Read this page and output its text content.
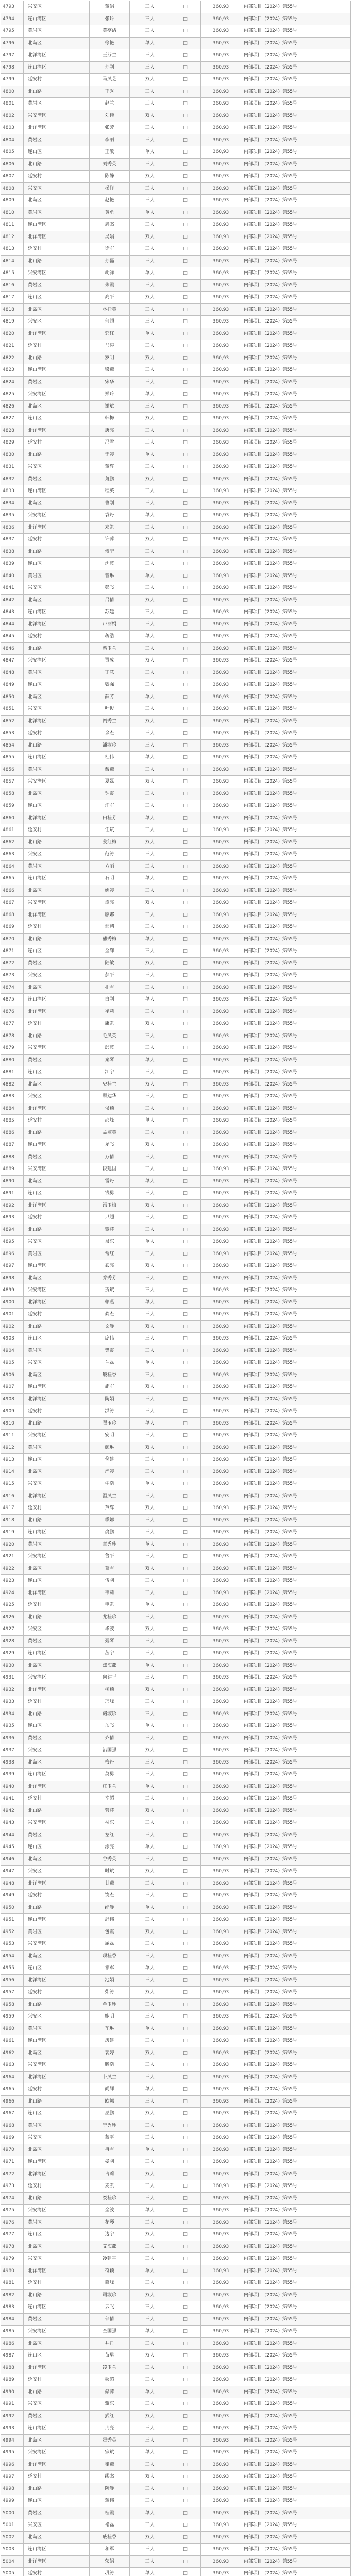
4793	兴安区	董娟	三人	□	360,93	内部项目（2024）第55号
4794	连山湾区	张玲	三人	□	360,93	内部项目（2024）第55号
4795	黄岩区	黄亭洁	三人	□	360,93	内部项目（2024）第55号
4796	北岛区	徐艳	单人	□	360,93	内部项目（2024）第55号
4797	北洋湾区	王芬兰	三人	□	360,93	内部项目（2024）第55号
4798	连山湾区	孙刚	三人	□	360,93	内部项目（2024）第55号
4799	延安村	马凤芝	双人	□	360,93	内部项目（2024）第55号
4800	北山路	王秀	三人	□	360,93	内部项目（2024）第55号
4801	黄岩区	赵兰	三人	□	360,93	内部项目（2024）第55号
4802	兴安湾区	刘佳	双人	□	360,93	内部项目（2024）第55号
4803	北洋湾区	张芳	三人	□	360,93	内部项目（2024）第55号
4804	黄岩区	李丽	三人	□	360,93	内部项目（2024）第55号
4805	连山区	王敏	单人	□	360,93	内部项目（2024）第55号
4806	北山路	刘秀英	三人	□	360,93	内部项目（2024）第55号
4807	延安村	陈静	双人	□	360,93	内部项目（2024）第55号
4808	兴安区	杨洋	三人	□	360,93	内部项目（2024）第55号
4809	北岛区	赵艳	三人	□	360,93	内部项目（2024）第55号
4810	黄岩区	黄勇	单人	□	360,93	内部项目（2024）第55号
4811	连山湾区	周杰	三人	□	360,93	内部项目（2024）第55号
4812	北洋湾区	吴娟	双人	□	360,93	内部项目（2024）第55号
4813	延安村	徐军	三人	□	360,93	内部项目（2024）第55号
4814	北山路	孙磊	三人	□	360,93	内部项目（2024）第55号
4815	兴安湾区	胡洋	单人	□	360,93	内部项目（2024）第55号
4816	黄岩区	朱霞	三人	□	360,93	内部项目（2024）第55号
4817	连山区	高平	双人	□	360,93	内部项目（2024）第55号
4818	北岛区	林桂英	三人	□	360,93	内部项目（2024）第55号
4819	兴安区	何超	三人	□	360,93	内部项目（2024）第55号
4820	北洋湾区	郭红	单人	□	360,93	内部项目（2024）第55号
4821	延安村	马涛	三人	□	360,93	内部项目（2024）第55号
4822	北山路	罗明	双人	□	360,93	内部项目（2024）第55号
4823	连山湾区	梁燕	三人	□	360,93	内部项目（2024）第55号
4824	黄岩区	宋华	三人	□	360,93	内部项目（2024）第55号
4825	兴安湾区	郑玲	单人	□	360,93	内部项目（2024）第55号
4826	北岛区	谢斌	三人	□	360,93	内部项目（2024）第55号
4827	连山区	韩梅	双人	□	360,93	内部项目（2024）第55号
4828	北洋湾区	唐亮	三人	□	360,93	内部项目（2024）第55号
4829	延安村	冯雪	三人	□	360,93	内部项目（2024）第55号
4830	北山路	于婷	单人	□	360,93	内部项目（2024）第55号
4831	兴安区	董辉	三人	□	360,93	内部项目（2024）第55号
4832	黄岩区	萧鹏	双人	□	360,93	内部项目（2024）第55号
4833	连山湾区	程英	三人	□	360,93	内部项目（2024）第55号
4834	北岛区	曹刚	三人	□	360,93	内部项目（2024）第55号
4835	兴安湾区	袁丹	单人	□	360,93	内部项目（2024）第55号
4836	北洋湾区	邓凯	三人	□	360,93	内部项目（2024）第55号
4837	延安村	许萍	双人	□	360,93	内部项目（2024）第55号
4838	北山路	傅宁	三人	□	360,93	内部项目（2024）第55号
4839	连山区	沈波	三人	□	360,93	内部项目（2024）第55号
4840	黄岩区	曾琳	单人	□	360,93	内部项目（2024）第55号
4841	兴安区	彭飞	三人	□	360,93	内部项目（2024）第55号
4842	北岛区	吕倩	双人	□	360,93	内部项目（2024）第55号
4843	连山湾区	苏建	三人	□	360,93	内部项目（2024）第55号
4844	北洋湾区	卢丽娟	三人	□	360,93	内部项目（2024）第55号
4845	延安村	蒋浩	单人	□	360,93	内部项目（2024）第55号
4846	北山路	蔡玉兰	三人	□	360,93	内部项目（2024）第55号
4847	兴安湾区	贾成	双人	□	360,93	内部项目（2024）第55号
4848	黄岩区	丁慧	三人	□	360,93	内部项目（2024）第55号
4849	连山区	魏强	三人	□	360,93	内部项目（2024）第55号
4850	北岛区	薛芳	单人	□	360,93	内部项目（2024）第55号
4851	兴安区	叶俊	三人	□	360,93	内部项目（2024）第55号
4852	北洋湾区	阎秀兰	双人	□	360,93	内部项目（2024）第55号
4853	延安村	余杰	三人	□	360,93	内部项目（2024）第55号
4854	北山路	潘淑珍	三人	□	360,93	内部项目（2024）第55号
4855	连山湾区	杜伟	单人	□	360,93	内部项目（2024）第55号
4856	黄岩区	戴燕	三人	□	360,93	内部项目（2024）第55号
4857	兴安湾区	夏磊	双人	□	360,93	内部项目（2024）第55号
4858	北岛区	钟霞	三人	□	360,93	内部项目（2024）第55号
4859	连山区	汪军	三人	□	360,93	内部项目（2024）第55号
4860	北洋湾区	田桂芳	单人	□	360,93	内部项目（2024）第55号
4861	延安村	任斌	三人	□	360,93	内部项目（2024）第55号
4862	北山路	姜红梅	双人	□	360,93	内部项目（2024）第55号
4863	兴安区	范涛	三人	□	360,93	内部项目（2024）第55号
4864	黄岩区	方丽	三人	□	360,93	内部项目（2024）第55号
4865	连山湾区	石明	单人	□	360,93	内部项目（2024）第55号
4866	北岛区	姚婷	三人	□	360,93	内部项目（2024）第55号
4867	兴安湾区	谭亮	双人	□	360,93	内部项目（2024）第55号
4868	北洋湾区	廖娜	三人	□	360,93	内部项目（2024）第55号
4869	延安村	邹鹏	三人	□	360,93	内部项目（2024）第55号
4870	北山路	熊秀梅	单人	□	360,93	内部项目（2024）第55号
4871	连山区	金辉	三人	□	360,93	内部项目（2024）第55号
4872	黄岩区	陆敏	双人	□	360,93	内部项目（2024）第55号
4873	兴安区	郝平	三人	□	360,93	内部项目（2024）第55号
4874	北岛区	孔雪	三人	□	360,93	内部项目（2024）第55号
4875	连山湾区	白刚	单人	□	360,93	内部项目（2024）第55号
4876	北洋湾区	崔莉	三人	□	360,93	内部项目（2024）第55号
4877	延安村	康凯	双人	□	360,93	内部项目（2024）第55号
4878	北山路	毛凤英	三人	□	360,93	内部项目（2024）第55号
4879	兴安湾区	邱波	三人	□	360,93	内部项目（2024）第55号
4880	黄岩区	秦琴	单人	□	360,93	内部项目（2024）第55号
4881	连山区	江宇	三人	□	360,93	内部项目（2024）第55号
4882	北岛区	史桂兰	双人	□	360,93	内部项目（2024）第55号
4883	兴安区	顾建华	三人	□	360,93	内部项目（2024）第55号
4884	北洋湾区	侯颖	三人	□	360,93	内部项目（2024）第55号
4885	延安村	邵峰	单人	□	360,93	内部项目（2024）第55号
4886	北山路	孟淑英	三人	□	360,93	内部项目（2024）第55号
4887	连山湾区	龙飞	双人	□	360,93	内部项目（2024）第55号
4888	黄岩区	万倩	三人	□	360,93	内部项目（2024）第55号
4889	兴安湾区	段建国	三人	□	360,93	内部项目（2024）第55号
4890	北岛区	雷丹	单人	□	360,93	内部项目（2024）第55号
4891	连山区	钱勇	三人	□	360,93	内部项目（2024）第55号
4892	北洋湾区	汤玉梅	双人	□	360,93	内部项目（2024）第55号
4893	延安村	尹超	三人	□	360,93	内部项目（2024）第55号
4894	北山路	黎萍	三人	□	360,93	内部项目（2024）第55号
4895	兴安区	易东	单人	□	360,93	内部项目（2024）第55号
4896	黄岩区	常红	三人	□	360,93	内部项目（2024）第55号
4897	连山湾区	武亮	双人	□	360,93	内部项目（2024）第55号
4898	北岛区	乔秀芳	三人	□	360,93	内部项目（2024）第55号
4899	兴安湾区	贺斌	三人	□	360,93	内部项目（2024）第55号
4900	北洋湾区	赖燕	单人	□	360,93	内部项目（2024）第55号
4901	延安村	龚杰	三人	□	360,93	内部项目（2024）第55号
4902	北山路	文静	双人	□	360,93	内部项目（2024）第55号
4903	连山区	庞伟	三人	□	360,93	内部项目（2024）第55号
4904	黄岩区	樊霞	三人	□	360,93	内部项目（2024）第55号
4905	兴安区	兰磊	单人	□	360,93	内部项目（2024）第55号
4906	北岛区	殷桂香	三人	□	360,93	内部项目（2024）第55号
4907	连山湾区	施军	双人	□	360,93	内部项目（2024）第55号
4908	北洋湾区	陶娟	三人	□	360,93	内部项目（2024）第55号
4909	延安村	洪涛	三人	□	360,93	内部项目（2024）第55号
4910	北山路	翟玉珍	单人	□	360,93	内部项目（2024）第55号
4911	兴安湾区	安明	三人	□	360,93	内部项目（2024）第55号
4912	黄岩区	颜琳	双人	□	360,93	内部项目（2024）第55号
4913	连山区	倪建	三人	□	360,93	内部项目（2024）第55号
4914	北岛区	严婷	三人	□	360,93	内部项目（2024）第55号
4915	兴安区	牛浩	单人	□	360,93	内部项目（2024）第55号
4916	北洋湾区	温凤兰	三人	□	360,93	内部项目（2024）第55号
4917	延安村	芦辉	双人	□	360,93	内部项目（2024）第55号
4918	北山路	季娜	三人	□	360,93	内部项目（2024）第55号
4919	连山湾区	俞鹏	三人	□	360,93	内部项目（2024）第55号
4920	黄岩区	章秀珍	单人	□	360,93	内部项目（2024）第55号
4921	兴安湾区	鲁平	三人	□	360,93	内部项目（2024）第55号
4922	北岛区	葛雪	双人	□	360,93	内部项目（2024）第55号
4923	连山区	伍刚	三人	□	360,93	内部项目（2024）第55号
4924	北洋湾区	韦莉	三人	□	360,93	内部项目（2024）第55号
4925	延安村	申凯	单人	□	360,93	内部项目（2024）第55号
4926	北山路	尤桂珍	三人	□	360,93	内部项目（2024）第55号
4927	兴安区	毕波	双人	□	360,93	内部项目（2024）第55号
4928	黄岩区	聂琴	三人	□	360,93	内部项目（2024）第55号
4929	连山湾区	丛宇	三人	□	360,93	内部项目（2024）第55号
4930	北岛区	焦海燕	单人	□	360,93	内部项目（2024）第55号
4931	兴安湾区	向建平	三人	□	360,93	内部项目（2024）第55号
4932	北洋湾区	柳颖	双人	□	360,93	内部项目（2024）第55号
4933	延安村	邢峰	三人	□	360,93	内部项目（2024）第55号
4934	北山路	骆淑珍	三人	□	360,93	内部项目（2024）第55号
4935	连山区	岳飞	单人	□	360,93	内部项目（2024）第55号
4936	黄岩区	齐倩	三人	□	360,93	内部项目（2024）第55号
4937	兴安区	沿国强	双人	□	360,93	内部项目（2024）第55号
4938	北岛区	梅丹	三人	□	360,93	内部项目（2024）第55号
4939	连山湾区	莫勇	三人	□	360,93	内部项目（2024）第55号
4940	北洋湾区	庄玉兰	单人	□	360,93	内部项目（2024）第55号
4941	延安村	辛超	三人	□	360,93	内部项目（2024）第55号
4942	北山路	管萍	双人	□	360,93	内部项目（2024）第55号
4943	兴安湾区	祝东	三人	□	360,93	内部项目（2024）第55号
4944	黄岩区	左红	三人	□	360,93	内部项目（2024）第55号
4945	连山区	涂亮	单人	□	360,93	内部项目（2024）第55号
4946	北岛区	谷秀英	三人	□	360,93	内部项目（2024）第55号
4947	兴安区	时斌	双人	□	360,93	内部项目（2024）第55号
4948	北洋湾区	甘燕	三人	□	360,93	内部项目（2024）第55号
4949	延安村	饶杰	三人	□	360,93	内部项目（2024）第55号
4950	北山路	纪静	单人	□	360,93	内部项目（2024）第55号
4951	连山湾区	舒伟	三人	□	360,93	内部项目（2024）第55号
4952	黄岩区	包霞	双人	□	360,93	内部项目（2024）第55号
4953	兴安湾区	屈磊	三人	□	360,93	内部项目（2024）第55号
4954	北岛区	项桂香	三人	□	360,93	内部项目（2024）第55号
4955	连山区	祁军	单人	□	360,93	内部项目（2024）第55号
4956	北洋湾区	池娟	三人	□	360,93	内部项目（2024）第55号
4957	延安村	柴涛	双人	□	360,93	内部项目（2024）第55号
4958	北山路	单玉珍	三人	□	360,93	内部项目（2024）第55号
4959	兴安区	鲍明	三人	□	360,93	内部项目（2024）第55号
4960	黄岩区	车琳	单人	□	360,93	内部项目（2024）第55号
4961	连山湾区	房建	三人	□	360,93	内部项目（2024）第55号
4962	北岛区	裴婷	双人	□	360,93	内部项目（2024）第55号
4963	兴安湾区	滕浩	三人	□	360,93	内部项目（2024）第55号
4964	北洋湾区	卜凤兰	三人	□	360,93	内部项目（2024）第55号
4965	延安村	尚辉	单人	□	360,93	内部项目（2024）第55号
4966	北山路	欧娜	三人	□	360,93	内部项目（2024）第55号
4967	连山区	巫鹏	双人	□	360,93	内部项目（2024）第55号
4968	黄岩区	宁秀珍	三人	□	360,93	内部项目（2024）第55号
4969	兴安区	蓝平	三人	□	360,93	内部项目（2024）第55号
4970	北岛区	冉雪	单人	□	360,93	内部项目（2024）第55号
4971	连山湾区	晏刚	三人	□	360,93	内部项目（2024）第55号
4972	北洋湾区	占莉	双人	□	360,93	内部项目（2024）第55号
4973	延安村	麦凯	三人	□	360,93	内部项目（2024）第55号
4974	北山路	娄桂珍	三人	□	360,93	内部项目（2024）第55号
4975	兴安湾区	全波	单人	□	360,93	内部项目（2024）第55号
4976	黄岩区	花琴	三人	□	360,93	内部项目（2024）第55号
4977	连山区	边宇	双人	□	360,93	内部项目（2024）第55号
4978	北岛区	艾海燕	三人	□	360,93	内部项目（2024）第55号
4979	兴安区	冷建平	三人	□	360,93	内部项目（2024）第55号
4980	北洋湾区	符颖	单人	□	360,93	内部项目（2024）第55号
4981	延安村	简峰	三人	□	360,93	内部项目（2024）第55号
4982	北山路	司淑珍	双人	□	360,93	内部项目（2024）第55号
4983	连山湾区	云飞	三人	□	360,93	内部项目（2024）第55号
4984	黄岩区	郁倩	三人	□	360,93	内部项目（2024）第55号
4985	兴安湾区	查国强	单人	□	360,93	内部项目（2024）第55号
4986	北岛区	井丹	三人	□	360,93	内部项目（2024）第55号
4987	连山区	苗勇	双人	□	360,93	内部项目（2024）第55号
4988	北洋湾区	凌玉兰	三人	□	360,93	内部项目（2024）第55号
4989	延安村	狄超	三人	□	360,93	内部项目（2024）第55号
4990	北山路	储萍	单人	□	360,93	内部项目（2024）第55号
4991	兴安区	甄东	三人	□	360,93	内部项目（2024）第55号
4992	黄岩区	武红	双人	□	360,93	内部项目（2024）第55号
4993	连山湾区	荆亮	三人	□	360,93	内部项目（2024）第55号
4994	北岛区	霍秀英	三人	□	360,93	内部项目（2024）第55号
4995	兴安湾区	宗斌	单人	□	360,93	内部项目（2024）第55号
4996	北洋湾区	瞿燕	三人	□	360,93	内部项目（2024）第55号
4997	延安村	缪杰	双人	□	360,93	内部项目（2024）第55号
4998	北山路	阮静	三人	□	360,93	内部项目（2024）第55号
4999	连山区	蒲伟	三人	□	360,93	内部项目（2024）第55号
5000	黄岩区	桂霞	单人	□	360,93	内部项目（2024）第55号
5001	兴安区	褚磊	三人	□	360,93	内部项目（2024）第55号
5002	北岛区	戚桂香	双人	□	360,93	内部项目（2024）第55号
5003	连山湾区	和军	三人	□	360,93	内部项目（2024）第55号
5004	北洋湾区	荣娟	三人	□	360,93	内部项目（2024）第55号
5005	延安村	巩涛	单人	□	360,93	内部项目（2024）第55号
